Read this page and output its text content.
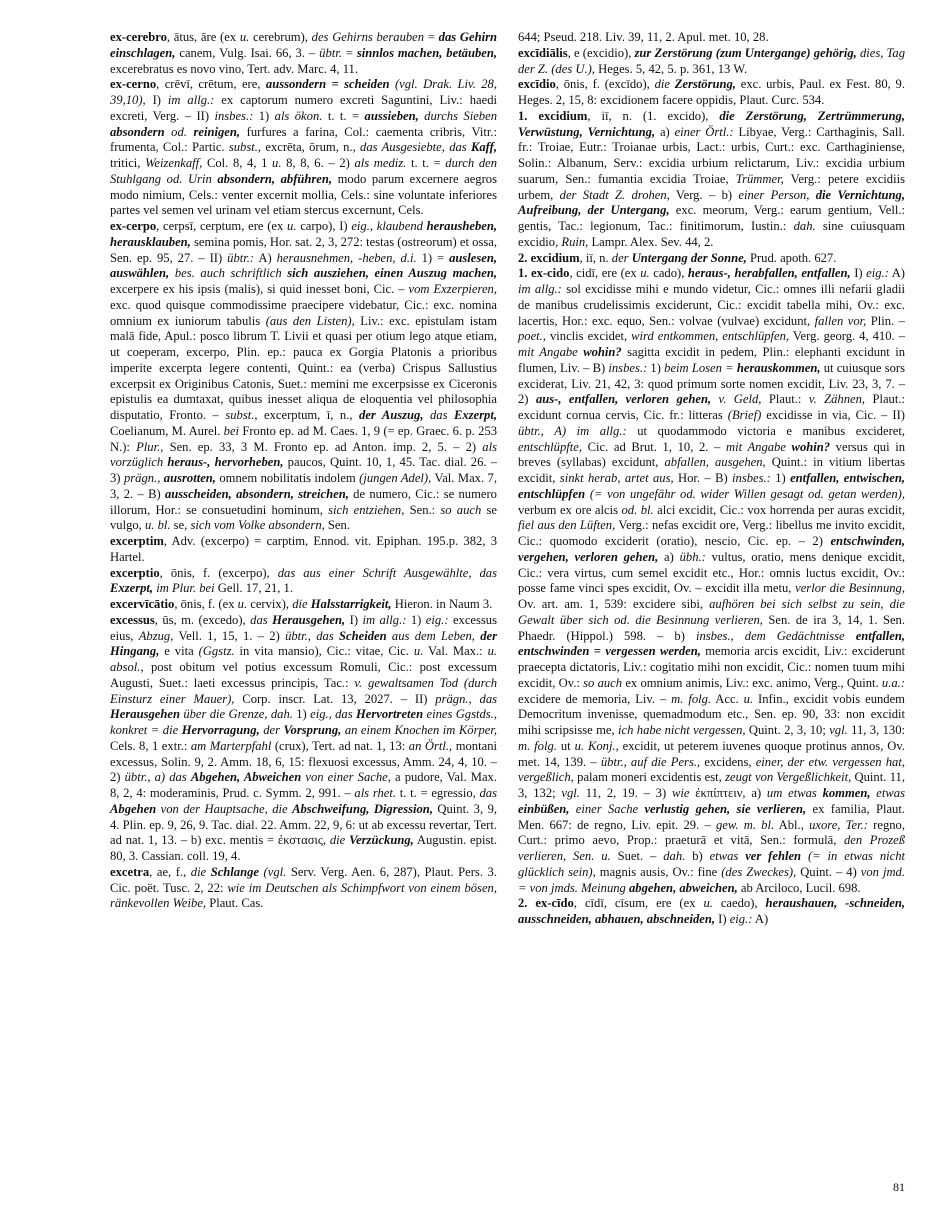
ex-cerebro, ātus, āre (ex u. cerebrum), des Gehirns berauben = das Gehirn einschlagen, canem, Vulg. Isai. 66, 3. – übtr. = sinnlos machen, betäuben, excerebratus es novo vino, Tert. adv. Marc. 4, 11.

ex-cerno, crēvī, crētum, ere, aussondern = scheiden (vgl. Drak. Liv. 28, 39,10), I) im allg.: ex captorum numero excreti Saguntini, Liv.: haedi excreti, Verg. – II) insbes.: 1) als ökon. t. t. = aussieben, durchs Sieben absondern od. reinigen, furfures a farina, Col.: caementa cribris, Vitr.: frumenta, Col.: Partic. subst., excrēta, ōrum, n., das Ausgesiebte, das Kaff, tritici, Weizenkaff, Col. 8, 4, 1 u. 8, 8, 6. – 2) als mediz. t. t. = durch den Stuhlgang od. Urin absondern, abführen, modo parum excernere aegros modo nimium, Cels.: venter excernit mollia, Cels.: sine voluntate inferiores partes vel semen vel urinam vel etiam stercus excernunt, Cels.

ex-cerpo, cerpsī, cerptum, ere (ex u. carpo), I) eig., klaubend herausheben, herausklauben, semina pomis, Hor. sat. 2, 3, 272: testas (ostreorum) et ossa, Sen. ep. 95, 27. – II) übtr.: A) herausnehmen, -heben, d.i. 1) = auslesen, auswählen, bes. auch schriftlich sich ausziehen, einen Auszug machen, excerpere ex his ipsis (malis), si quid inesset boni, Cic. – vom Exzerpieren, exc. quod quisque commodissime praecipere videbatur, Cic.: exc. nomina omnium ex iuniorum tabulis (aus den Listen), Liv.: exc. epistulam istam malā fide, Apul.: posco librum T. Livii et quasi per otium lego atque etiam, ut coeperam, excerpo, Plin. ep.: pauca ex Gorgia Platonis a prioribus imperite excerpta legere contenti, Quint.: ea (verba) Crispus Sallustius excerpsit ex Originibus Catonis, Suet.: memini me excerpsisse ex Ciceronis epistulis ea dumtaxat, quibus inesset aliqua de eloquentia vel philosophia disputatio, Fronto. – subst., excerptum, ī, n., der Auszug, das Exzerpt, Coelianum, M. Aurel. bei Fronto ep. ad M. Caes. 1, 9 (= ep. Graec. 6. p. 253 N.): Plur., Sen. ep. 33, 3 M. Fronto ep. ad Anton. imp. 2, 5. – 2) als vorzüglich heraus-, hervorheben, paucos, Quint. 10, 1, 45. Tac. dial. 26. – 3) prägn., ausrotten, omnem nobilitatis indolem (jungen Adel), Val. Max. 7, 3, 2. – B) ausscheiden, absondern, streichen, de numero, Cic.: se numero illorum, Hor.: se consuetudini hominum, sich entziehen, Sen.: so auch se vulgo, u. bl. se, sich vom Volke absondern, Sen.

excerptim, Adv. (excerpo) = carptim, Ennod. vit. Epiphan. 195.p. 382, 3 Hartel.

excerptio, ōnis, f. (excerpo), das aus einer Schrift Ausgewählte, das Exzerpt, im Plur. bei Gell. 17, 21, 1.

excervīcātio, ōnis, f. (ex u. cervix), die Halsstarrigkeit, Hieron. in Naum 3.

excessus, ūs, m. (excedo), das Herausgehen, I) im allg.: 1) eig.: excessus eius, Abzug, Vell. 1, 15, 1. – 2) übtr., das Scheiden aus dem Leben, der Hingang, e vita (Ggstz. in vita mansio), Cic.: vitae, Cic. u. Val. Max.: u. absol., post obitum vel potius excessum Romuli, Cic.: post excessum Augusti, Suet.: laeti excessus principis, Tac.: v. gewaltsamen Tod (durch Einsturz einer Mauer), Corp. inscr. Lat. 13, 2027. – II) prägn., das Herausgehen über die Grenze, dah. 1) eig., das Hervortreten eines Ggstds., konkret = die Hervorragung, der Vorsprung, an einem Knochen im Körper, Cels. 8, 1 extr.: am Marterpfahl (crux), Tert. ad nat. 1, 13: an Örtl., montani excessus, Solin. 9, 2. Amm. 18, 6, 15: flexuosi excessus, Amm. 24, 4, 10. – 2) übtr., a) das Abgehen, Abweichen von einer Sache, a pudore, Val. Max. 8, 2, 4: moderaminis, Prud. c. Symm. 2, 991. – als rhet. t. t. = egressio, das Abgehen von der Hauptsache, die Abschweifung, Digression, Quint. 3, 9, 4. Plin. ep. 9, 26, 9. Tac. dial. 22. Amm. 22, 9, 6: ut ab excessu revertar, Tert. ad nat. 1, 13. – b) exc. mentis = ἐκστασις, die Verzückung, Augustin. epist. 80, 3. Cassian. coll. 19, 4.

excetra, ae, f., die Schlange (vgl. Serv. Verg. Aen. 6, 287), Plaut. Pers. 3. Cic. poët. Tusc. 2, 22: wie im Deutschen als Schimpfwort von einem bösen, ränkevollen Weibe, Plaut. Cas.

644; Pseud. 218. Liv. 39, 11, 2. Apul. met. 10, 28.

excīdiālis, e (excidio), zur Zerstörung (zum Untergange) gehörig, dies, Tag der Z. (des U.), Heges. 5, 42, 5. p. 361, 13 W.

excīdio, ōnis, f. (excīdo), die Zerstörung, exc. urbis, Paul. ex Fest. 80, 9. Heges. 2, 15, 8: excidionem facere oppidis, Plaut. Curc. 534.

1. excidium, iī, n. (1. excido), die Zerstörung, Zertrümmerung, Verwüstung, Vernichtung, a) einer Örtl.: Libyae, Verg.: Carthaginis, Sall. fr.: Troiae, Eutr.: Troianae urbis, Lact.: urbis, Curt.: exc. Carthaginiense, Solin.: Albanum, Serv.: excidia urbium relictarum, Liv.: excidia urbium suarum, Sen.: fumantia excidia Troiae, Trümmer, Verg.: petere excidiis urbem, der Stadt Z. drohen, Verg. – b) einer Person, die Vernichtung, Aufreibung, der Untergang, exc. meorum, Verg.: earum gentium, Vell.: gentis, Tac.: legionum, Tac.: finitimorum, Iustin.: dah. sine cuiusquam excidio, Ruin, Lampr. Alex. Sev. 44, 2.

2. excidium, iī, n. der Untergang der Sonne, Prud. apoth. 627.

1. ex-cido, cidī, ere (ex u. cado), heraus-, herabfallen, entfallen, I) eig.: A) im allg.: sol excidisse mihi e mundo videtur, Cic.: omnes illi nefarii gladii de manibus crudelissimis exciderunt, Cic.: excidit tabella mihi, Ov.: exc. lacertis, Hor.: exc. equo, Sen.: volvae (vulvae) excidunt, fallen vor, Plin. – poet., vinclis excidet, wird entkommen, entschlüpfen, Verg. georg. 4, 410. – mit Angabe wohin? sagitta excidit in pedem, Plin.: elephanti excidunt in flumen, Liv. – B) insbes.: 1) beim Losen = herauskommen, ut cuiusque sors exciderat, Liv. 21, 42, 3: quod primum sorte nomen excidit, Liv. 23, 3, 7. – 2) aus-, entfallen, verloren gehen, v. Geld, Plaut.: v. Zähnen, Plaut.: excidunt cornua cervis, Cic. fr.: litteras (Brief) excidisse in via, Cic. – II) übtr., A) im allg.: ut quodammodo victoria e manibus excideret, entschlüpfte, Cic. ad Brut. 1, 10, 2. – mit Angabe wohin? versus qui in breves (syllabas) excidunt, abfallen, ausgehen, Quint.: in vitium libertas excidit, sinkt herab, artet aus, Hor. – B) insbes.: 1) entfallen, entwischen, entschlüpfen (= von ungefähr od. wider Willen gesagt od. getan werden), verbum ex ore alcis od. bl. alci excidit, Cic.: vox horrenda per auras excidit, fiel aus den Lüften, Verg.: nefas excidit ore, Verg.: libellus me invito excidit, Cic.: quomodo exciderit (oratio), nescio, Cic. ep. – 2) entschwinden, vergehen, verloren gehen, a) übh.: vultus, oratio, mens denique excidit, Cic.: vera virtus, cum semel excidit etc., Hor.: omnis luctus excidit, Ov.: posse fame vinci spes excidit, Ov. – excidit illa metu, verlor die Besinnung, Ov. art. am. 1, 539: excidere sibi, aufhören bei sich selbst zu sein, die Gewalt über sich od. die Besinnung verlieren, Sen. de ira 3, 14, 1. Sen. Phaedr. (Hippol.) 598. – b) insbes., dem Gedächtnisse entfallen, entschwinden = vergessen werden, memoria arcis excidit, Liv.: exciderunt praecepta dictatoris, Liv.: cogitatio mihi non excidit, Cic.: nomen tuum mihi excidit, Ov.: so auch ex omnium animis, Liv.: exc. animo, Verg., Quint. u.a.: excidere de memoria, Liv. – m. folg. Acc. u. Infin., excidit vobis eundem Democritum invenisse, quemadmodum etc., Sen. ep. 90, 33: non excidit mihi scripsisse me, ich habe nicht vergessen, Quint. 2, 3, 10; vgl. 11, 3, 130: m. folg. ut u. Konj., excidit, ut peterem iuvenes quoque protinus annos, Ov. met. 14, 139. – übtr., auf die Pers., excidens, einer, der etw. vergessen hat, vergeßlich, palam moneri excidentis est, zeugt von Vergeßlichkeit, Quint. 11, 3, 132; vgl. 11, 2, 19. – 3) wie ἐκπίπτειν, a) um etwas kommen, etwas einbüßen, einer Sache verlustig gehen, sie verlieren, ex familia, Plaut. Men. 667: de regno, Liv. epit. 29. – gew. m. bl. Abl., uxore, Ter.: regno, Curt.: primo aevo, Prop.: praeturā et vitā, Sen.: formulā, den Prozeß verlieren, Sen. u. Suet. – dah. b) etwas ver fehlen (= in etwas nicht glücklich sein), magnis ausis, Ov.: fine (des Zweckes), Quint. – 4) von jmd. = von jmds. Meinung abgehen, abweichen, ab Arciloco, Lucil. 698.

2. ex-cīdo, cīdī, cīsum, ere (ex u. caedo), heraushauen, -schneiden, ausschneiden, abhauen, abschneiden, I) eig.: A)

81
